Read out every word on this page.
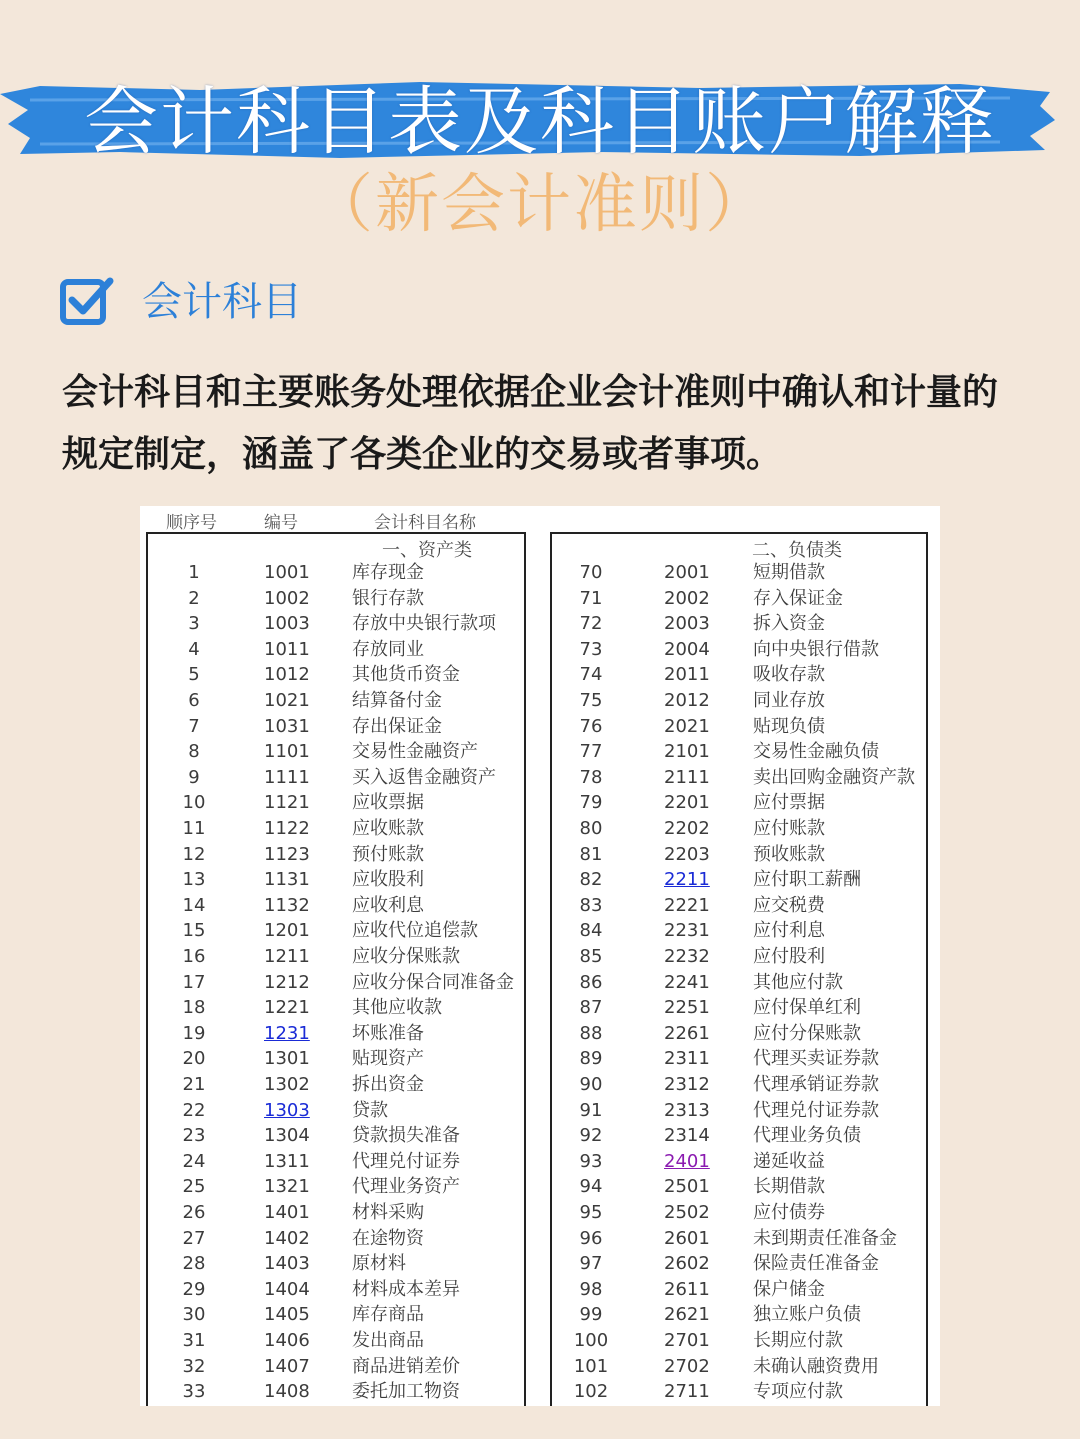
会计科目表及科目账户解释
（新会计准则）
会计科目
会计科目和主要账务处理依据企业会计准则中确认和计量的规定制定，涵盖了各类企业的交易或者事项。
顺序号	编号	会计科目名称
一、资产类	二、负债类
1	1001 库存现金
2	1002 银行存款
3	1003 存放中央银行款项
4	1011 存放同业
5	1012 其他货币资金
6	1021 结算备付金
7	1031 存出保证金
8	1101 交易性金融资产
9	1111 买入返售金融资产
10	1121 应收票据
11	1122 应收账款
12	1123 预付账款
13	1131 应收股利
14	1132 应收利息
15	1201 应收代位追偿款
16	1211 应收分保账款
17	1212 应收分保合同准备金
18	1221 其他应收款
19	1231 坏账准备
20	1301 贴现资产
21	1302 拆出资金
22	1303 贷款
23	1304 贷款损失准备
24	1311 代理兑付证券
25	1321 代理业务资产
26	1401 材料采购
27	1402 在途物资
28	1403 原材料
29	1404 材料成本差异
30	1405 库存商品
31	1406 发出商品
32	1407 商品进销差价
33	1408 委托加工物资
70	2001 短期借款
71	2002 存入保证金
72	2003 拆入资金
73	2004 向中央银行借款
74	2011 吸收存款
75	2012 同业存放
76	2021 贴现负债
77	2101 交易性金融负债
78	2111 卖出回购金融资产款
79	2201 应付票据
80	2202 应付账款
81	2203 预收账款
82	2211 应付职工薪酬
83	2221 应交税费
84	2231 应付利息
85	2232 应付股利
86	2241 其他应付款
87	2251 应付保单红利
88	2261 应付分保账款
89	2311 代理买卖证券款
90	2312 代理承销证券款
91	2313 代理兑付证券款
92	2314 代理业务负债
93	2401 递延收益
94	2501 长期借款
95	2502 应付债券
96	2601 未到期责任准备金
97	2602 保险责任准备金
98	2611 保户储金
99	2621 独立账户负债
100	2701 长期应付款
101	2702 未确认融资费用
102	2711 专项应付款
